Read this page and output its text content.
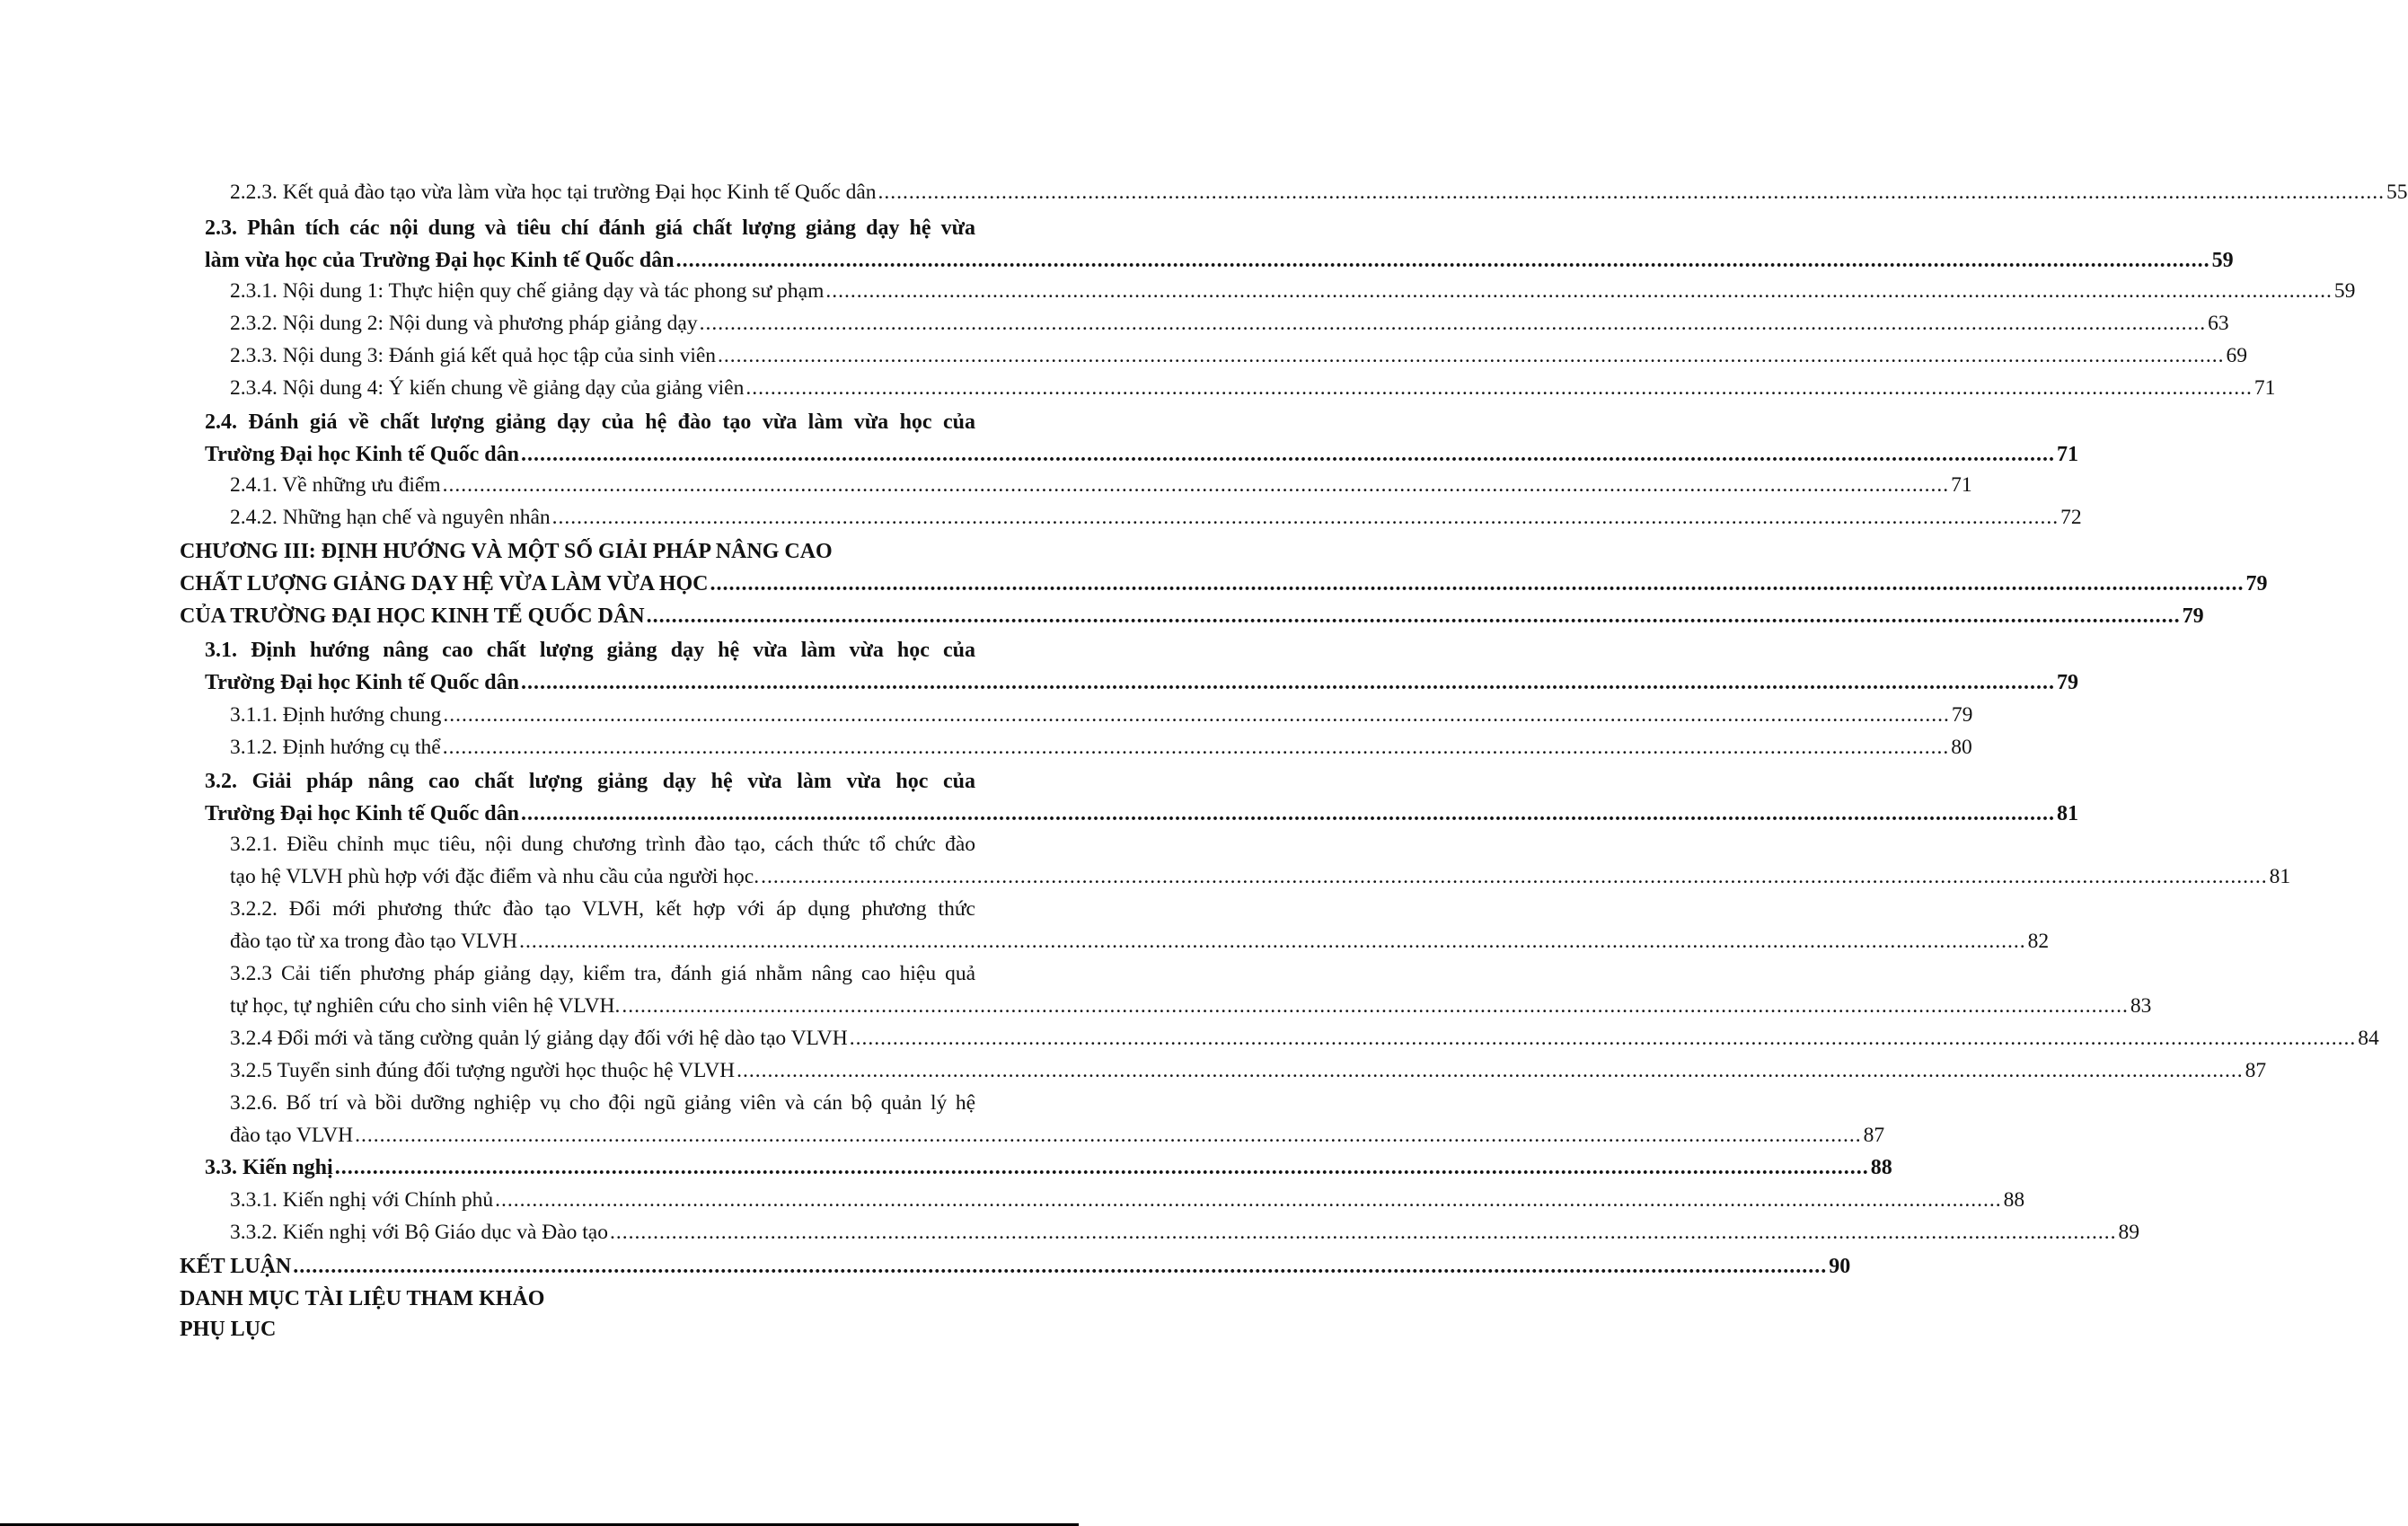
2.2.3. Kết quả đào tạo vừa làm vừa học tại trường Đại học Kinh tế Quốc dân .................................................................................................................................................................................................................................................... 55
2.3. Phân tích các nội dung và tiêu chí đánh giá chất lượng giảng dạy hệ vừa
làm vừa học của Trường Đại học Kinh tế Quốc dân .................................................................................................................................................................................................................................................... 59
2.3.1. Nội dung 1: Thực hiện quy chế giảng dạy và tác phong sư phạm .................................................................................................................................................................................................................................................... 59
2.3.2. Nội dung 2: Nội dung và phương pháp giảng dạy .................................................................................................................................................................................................................................................... 63
2.3.3. Nội dung 3: Đánh giá kết quả học tập của sinh viên .................................................................................................................................................................................................................................................... 69
2.3.4. Nội dung 4: Ý kiến chung về giảng dạy của giảng viên .................................................................................................................................................................................................................................................... 71
2.4. Đánh giá về chất lượng giảng dạy của hệ đào tạo vừa làm vừa học của
Trường Đại học Kinh tế Quốc dân .................................................................................................................................................................................................................................................... 71
2.4.1. Về những ưu điểm .................................................................................................................................................................................................................................................... 71
2.4.2. Những hạn chế và nguyên nhân .................................................................................................................................................................................................................................................... 72
CHƯƠNG III: ĐỊNH HƯỚNG VÀ MỘT SỐ GIẢI PHÁP NÂNG CAO
CHẤT LƯỢNG GIẢNG DẠY HỆ VỪA LÀM VỪA HỌC .................................................................................................................................................................................................................................................... 79
CỦA TRƯỜNG ĐẠI HỌC KINH TẾ QUỐC DÂN .................................................................................................................................................................................................................................................... 79
3.1. Định hướng nâng cao chất lượng giảng dạy hệ vừa làm vừa học của
Trường Đại học Kinh tế Quốc dân .................................................................................................................................................................................................................................................... 79
3.1.1. Định hướng chung .................................................................................................................................................................................................................................................... 79
3.1.2. Định hướng cụ thể .................................................................................................................................................................................................................................................... 80
3.2. Giải pháp nâng cao chất lượng giảng dạy hệ vừa làm vừa học của
Trường Đại học Kinh tế Quốc dân .................................................................................................................................................................................................................................................... 81
3.2.1. Điều chỉnh mục tiêu, nội dung chương trình đào tạo, cách thức tổ chức đào
tạo hệ VLVH phù hợp với đặc điểm và nhu cầu của người học. .................................................................................................................................................................................................................................................... 81
3.2.2. Đổi mới phương thức đào tạo VLVH, kết hợp với áp dụng phương thức
đào tạo từ xa trong đào tạo VLVH .................................................................................................................................................................................................................................................... 82
3.2.3 Cải tiến phương pháp giảng dạy, kiểm tra, đánh giá nhằm nâng cao hiệu quả
tự học, tự nghiên cứu cho sinh viên hệ VLVH. .................................................................................................................................................................................................................................................... 83
3.2.4 Đổi mới và tăng cường quản lý giảng dạy đối với hệ dào tạo VLVH .................................................................................................................................................................................................................................................... 84
3.2.5 Tuyển sinh đúng đối tượng người học thuộc hệ VLVH .................................................................................................................................................................................................................................................... 87
3.2.6. Bố trí và bồi dưỡng nghiệp vụ cho đội ngũ giảng viên và cán bộ quản lý hệ
đào tạo VLVH .................................................................................................................................................................................................................................................... 87
3.3. Kiến nghị .................................................................................................................................................................................................................................................... 88
3.3.1. Kiến nghị với Chính phủ .................................................................................................................................................................................................................................................... 88
3.3.2. Kiến nghị với Bộ Giáo dục và Đào tạo .................................................................................................................................................................................................................................................... 89
KẾT LUẬN .................................................................................................................................................................................................................................................... 90
DANH MỤC TÀI LIỆU THAM KHẢO
PHỤ LỤC
